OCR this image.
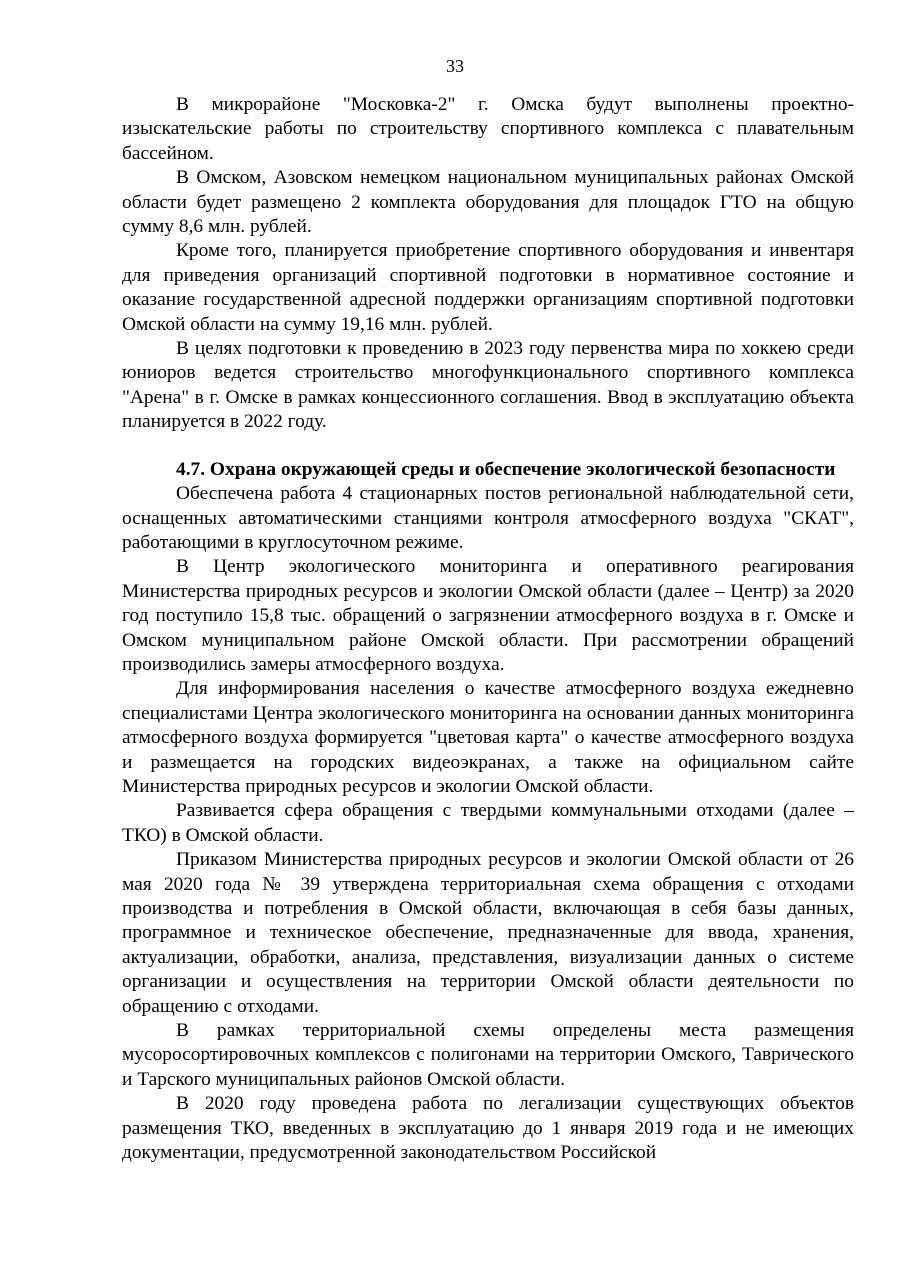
33

В микрорайоне "Московка-2" г. Омска будут выполнены проектно-изыскательские работы по строительству спортивного комплекса с плавательным бассейном.

В Омском, Азовском немецком национальном муниципальных районах Омской области будет размещено 2 комплекта оборудования для площадок ГТО на общую сумму 8,6 млн. рублей.

Кроме того, планируется приобретение спортивного оборудования и инвентаря для приведения организаций спортивной подготовки в нормативное состояние и оказание государственной адресной поддержки организациям спортивной подготовки Омской области на сумму 19,16 млн. рублей.

В целях подготовки к проведению в 2023 году первенства мира по хоккею среди юниоров ведется строительство многофункционального спортивного комплекса "Арена" в г. Омске в рамках концессионного соглашения. Ввод в эксплуатацию объекта планируется в 2022 году.

4.7. Охрана окружающей среды и обеспечение экологической безопасности

Обеспечена работа 4 стационарных постов региональной наблюдательной сети, оснащенных автоматическими станциями контроля атмосферного воздуха "СКАТ", работающими в круглосуточном режиме.

В Центр экологического мониторинга и оперативного реагирования Министерства природных ресурсов и экологии Омской области (далее – Центр) за 2020 год поступило 15,8 тыс. обращений о загрязнении атмосферного воздуха в г. Омске и Омском муниципальном районе Омской области. При рассмотрении обращений производились замеры атмосферного воздуха.

Для информирования населения о качестве атмосферного воздуха ежедневно специалистами Центра экологического мониторинга на основании данных мониторинга атмосферного воздуха формируется "цветовая карта" о качестве атмосферного воздуха и размещается на городских видеоэкранах, а также на официальном сайте Министерства природных ресурсов и экологии Омской области.

Развивается сфера обращения с твердыми коммунальными отходами (далее – ТКО) в Омской области.

Приказом Министерства природных ресурсов и экологии Омской области от 26 мая 2020 года № 39 утверждена территориальная схема обращения с отходами производства и потребления в Омской области, включающая в себя базы данных, программное и техническое обеспечение, предназначенные для ввода, хранения, актуализации, обработки, анализа, представления, визуализации данных о системе организации и осуществления на территории Омской области деятельности по обращению с отходами.

В рамках территориальной схемы определены места размещения мусоросортировочных комплексов с полигонами на территории Омского, Таврического и Тарского муниципальных районов Омской области.

В 2020 году проведена работа по легализации существующих объектов размещения ТКО, введенных в эксплуатацию до 1 января 2019 года и не имеющих документации, предусмотренной законодательством Российской
